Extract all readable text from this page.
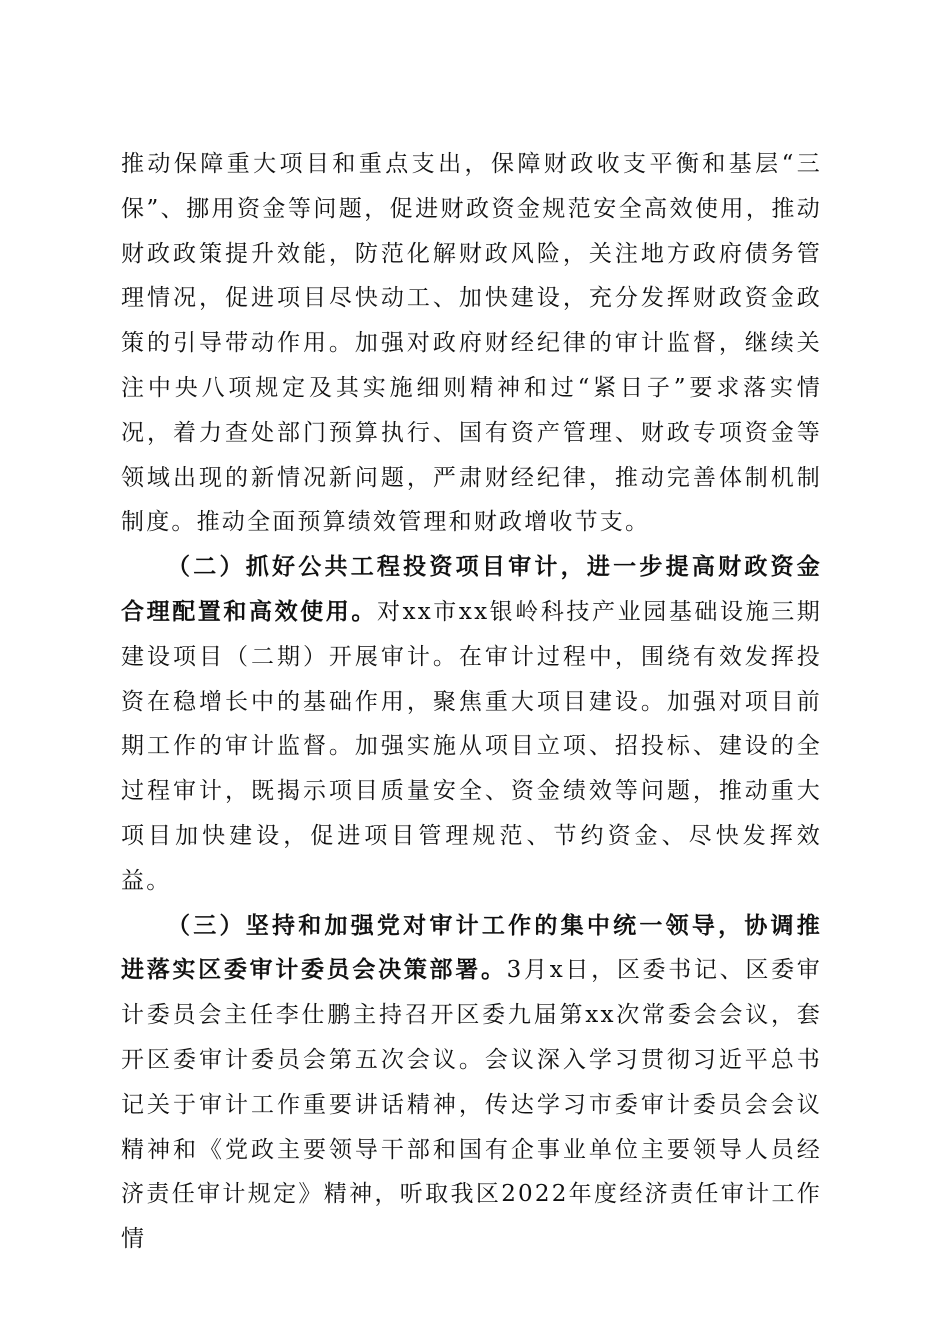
推动保障重大项目和重点支出，保障财政收支平衡和基层“三保”、挪用资金等问题，促进财政资金规范安全高效使用，推动财政政策提升效能，防范化解财政风险，关注地方政府债务管理情况，促进项目尽快动工、加快建设，充分发挥财政资金政策的引导带动作用。加强对政府财经纪律的审计监督，继续关注中央八项规定及其实施细则精神和过“紧日子”要求落实情况，着力查处部门预算执行、国有资产管理、财政专项资金等领域出现的新情况新问题，严肃财经纪律，推动完善体制机制制度。推动全面预算绩效管理和财政增收节支。

（二）抓好公共工程投资项目审计，进一步提高财政资金合理配置和高效使用。对xx市xx银岭科技产业园基础设施三期建设项目（二期）开展审计。在审计过程中，围绕有效发挥投资在稳增长中的基础作用，聚焦重大项目建设。加强对项目前期工作的审计监督。加强实施从项目立项、招投标、建设的全过程审计，既揭示项目质量安全、资金绩效等问题，推动重大项目加快建设，促进项目管理规范、节约资金、尽快发挥效益。

（三）坚持和加强党对审计工作的集中统一领导，协调推进落实区委审计委员会决策部署。3月x日，区委书记、区委审计委员会主任李仕鹏主持召开区委九届第xx次常委会会议，套开区委审计委员会第五次会议。会议深入学习贯彻习近平总书记关于审计工作重要讲话精神，传达学习市委审计委员会会议精神和《党政主要领导干部和国有企事业单位主要领导人员经济责任审计规定》精神，听取我区2022年度经济责任审计工作情
